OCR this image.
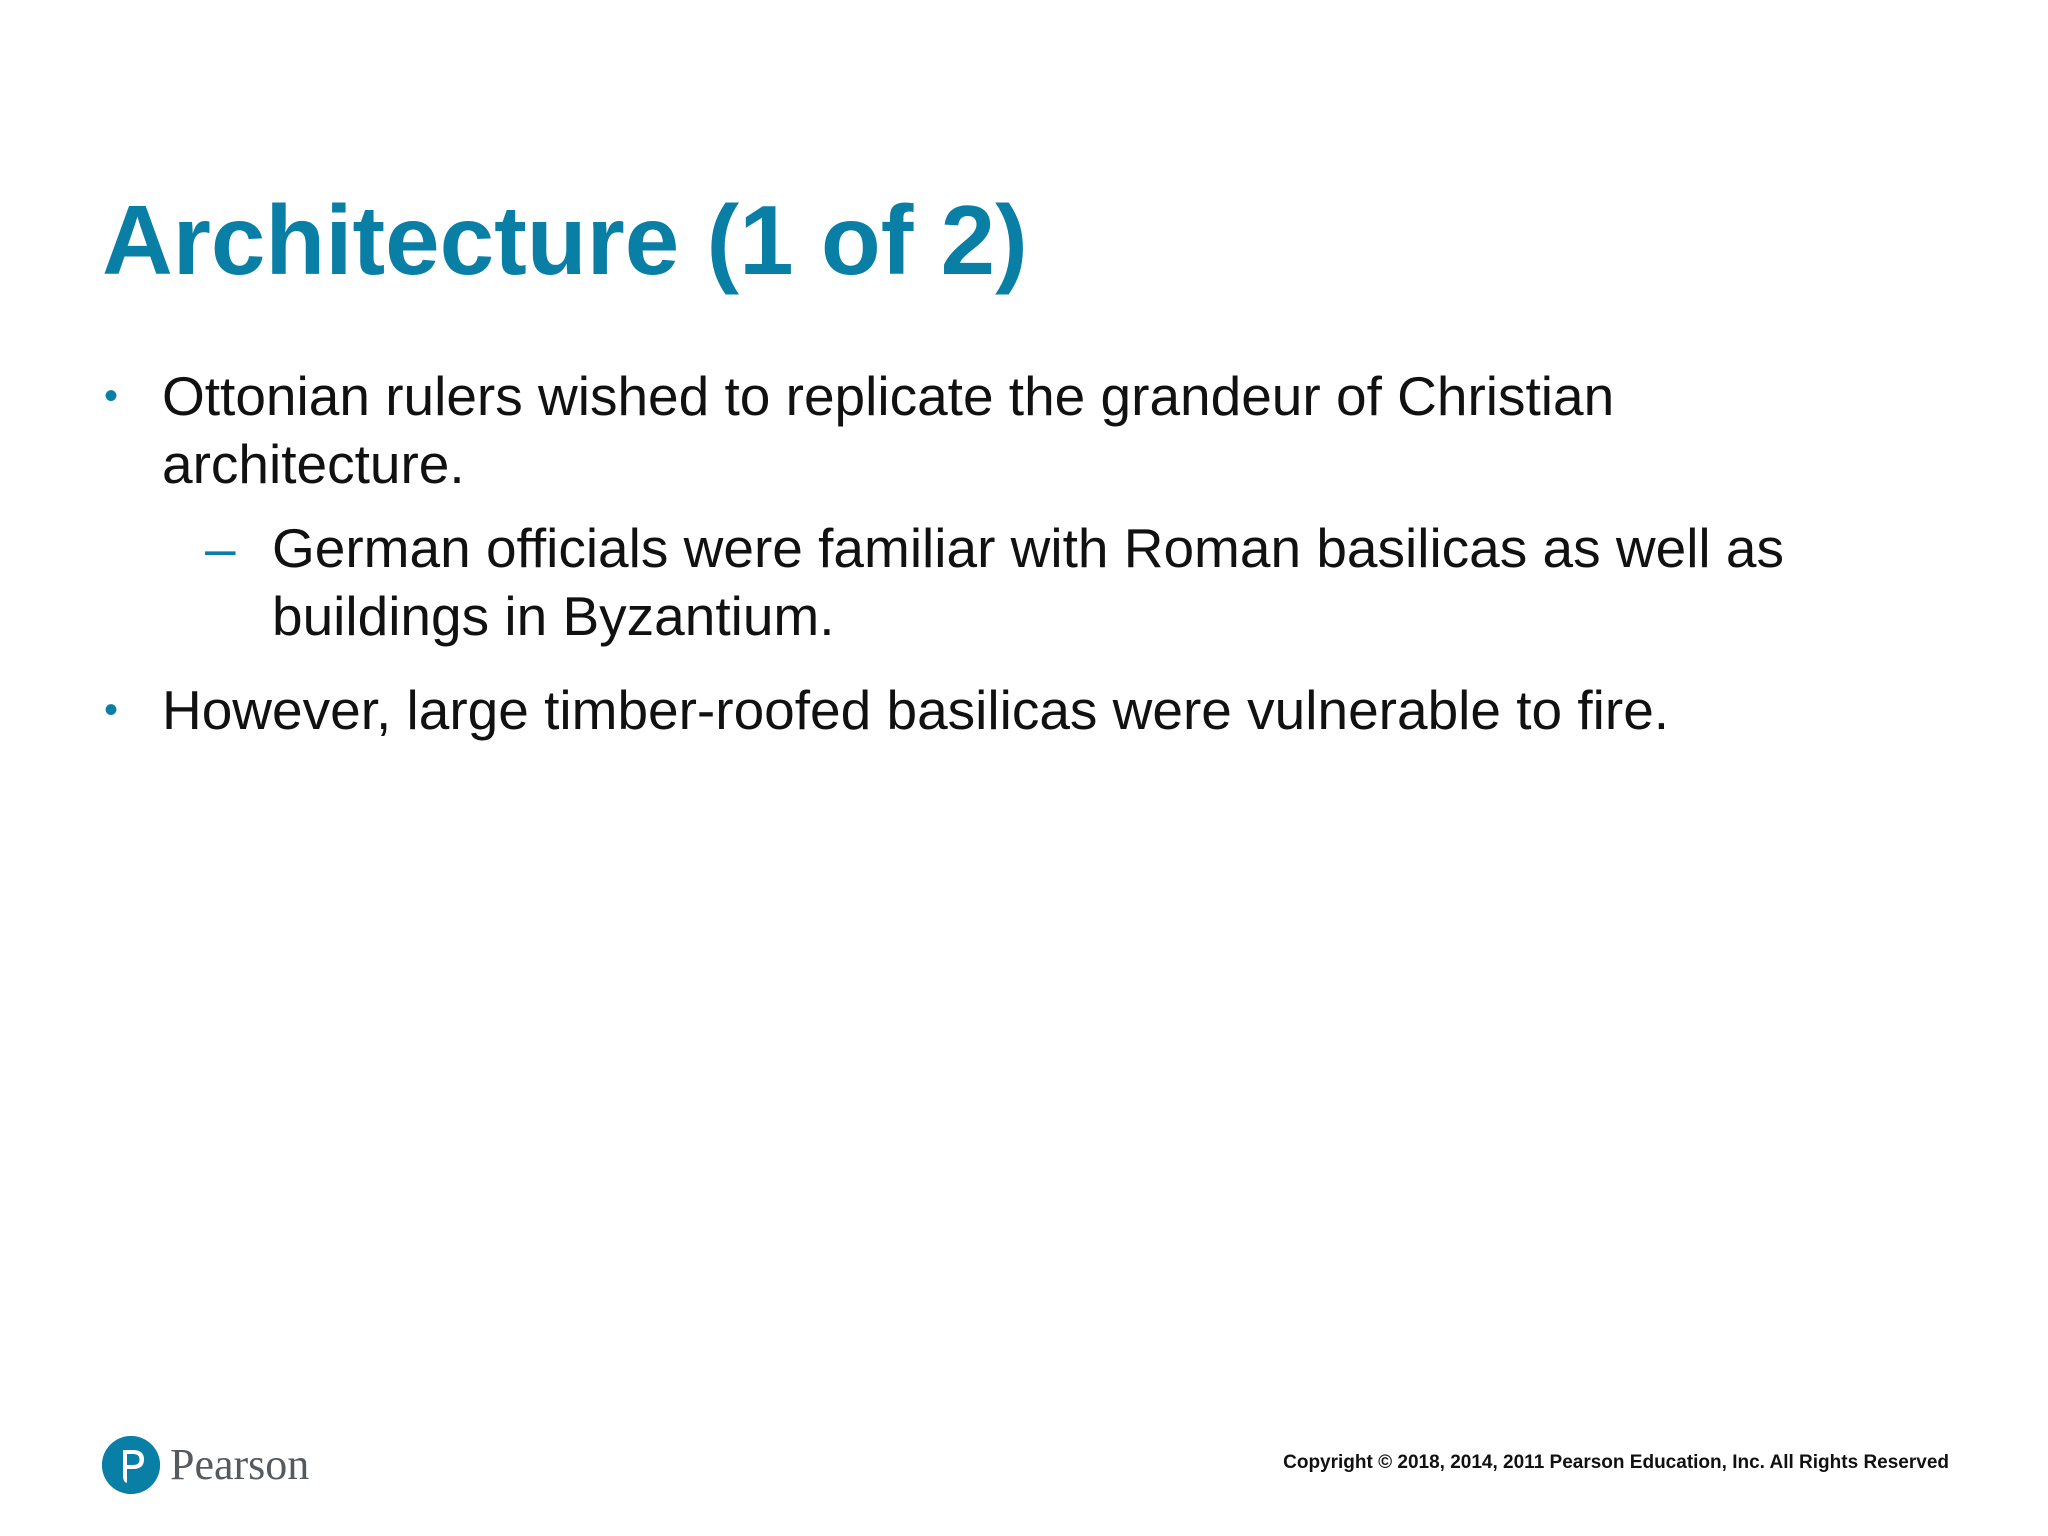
Architecture (1 of 2)
• Ottonian rulers wished to replicate the grandeur of Christian architecture.
– German officials were familiar with Roman basilicas as well as buildings in Byzantium.
• However, large timber-roofed basilicas were vulnerable to fire.
Pearson	Copyright © 2018, 2014, 2011 Pearson Education, Inc. All Rights Reserved
